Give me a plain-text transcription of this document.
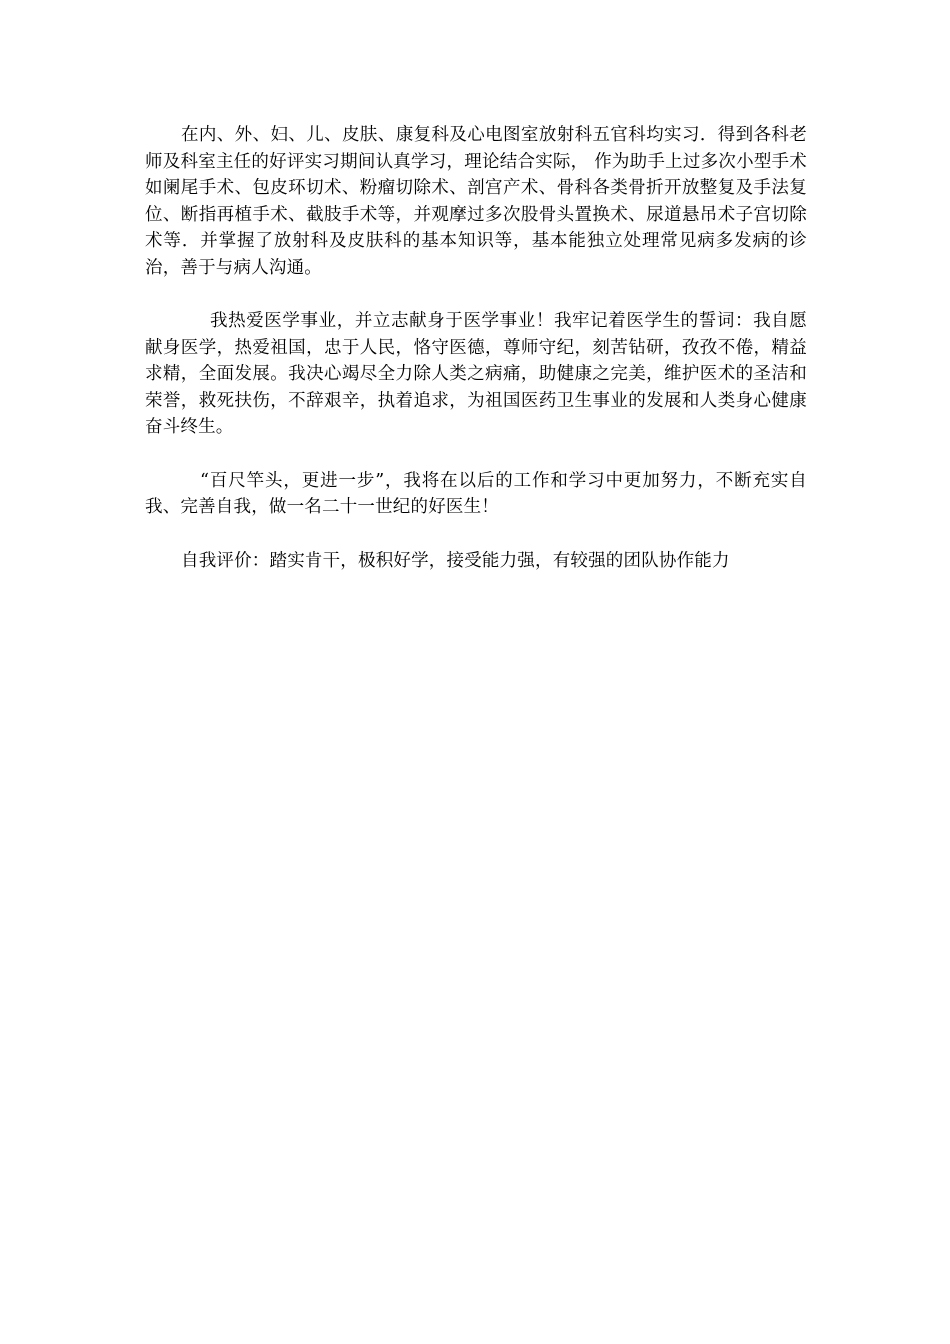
在内、外、妇、儿、皮肤、康复科及心电图室放射科五官科均实习．得到各科老师及科室主任的好评实习期间认真学习，理论结合实际， 作为助手上过多次小型手术如阑尾手术、包皮环切术、粉瘤切除术、剖宫产术、骨科各类骨折开放整复及手法复位、断指再植手术、截肢手术等，并观摩过多次股骨头置换术、尿道悬吊术子宫切除术等．并掌握了放射科及皮肤科的基本知识等，基本能独立处理常见病多发病的诊治，善于与病人沟通。

我热爱医学事业，并立志献身于医学事业！我牢记着医学生的誓词：我自愿献身医学，热爱祖国，忠于人民，恪守医德，尊师守纪，刻苦钻研，孜孜不倦，精益求精，全面发展。我决心竭尽全力除人类之病痛，助健康之完美，维护医术的圣洁和荣誉，救死扶伤，不辞艰辛，执着追求，为祖国医药卫生事业的发展和人类身心健康奋斗终生。

“百尺竿头，更进一步”，我将在以后的工作和学习中更加努力，不断充实自我、完善自我，做一名二十一世纪的好医生！

自我评价：踏实肯干，极积好学，接受能力强，有较强的团队协作能力
